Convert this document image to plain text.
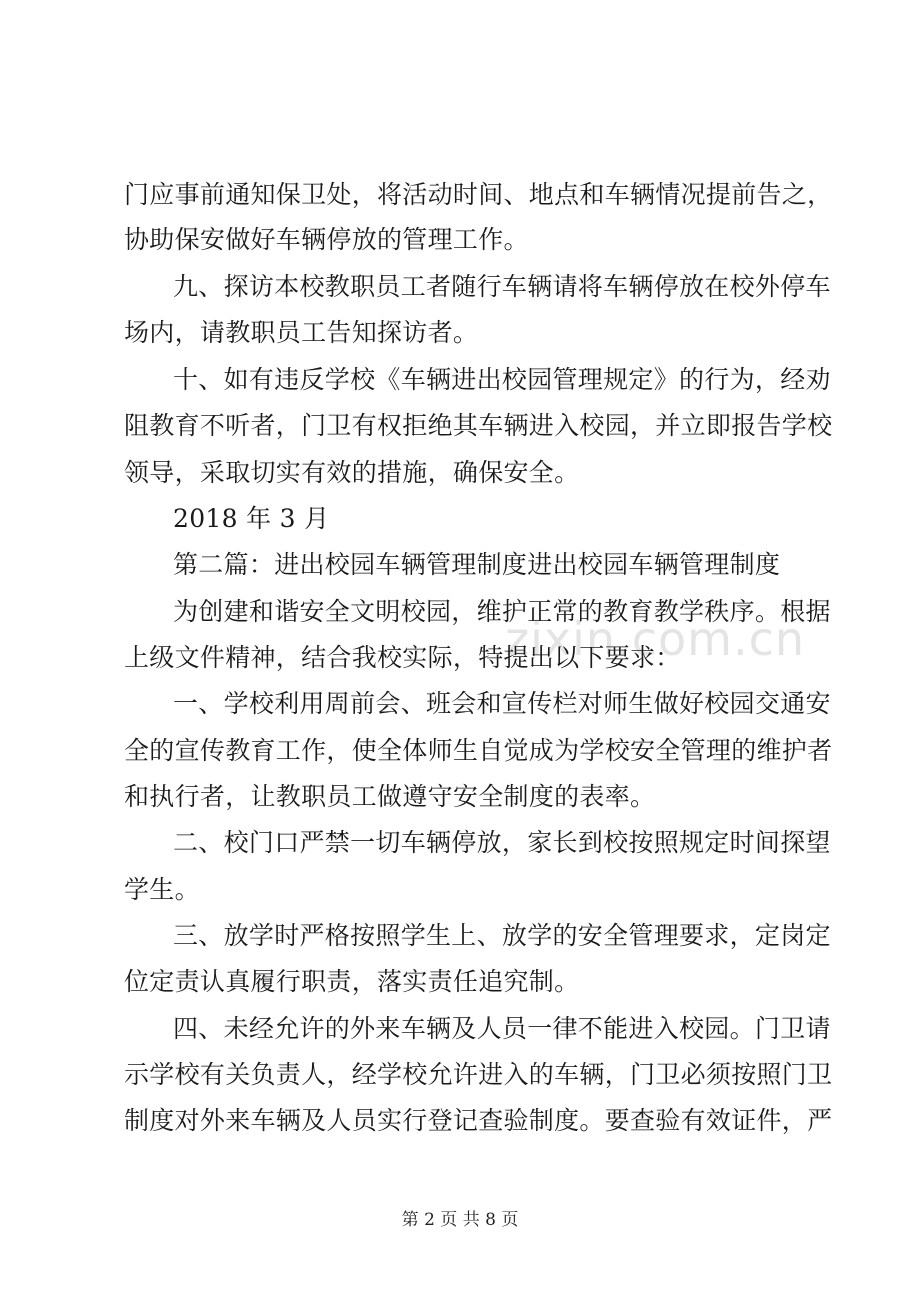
zixin.com.cn
门应事前通知保卫处，将活动时间、地点和车辆情况提前告之，
协助保安做好车辆停放的管理工作。
九、探访本校教职员工者随行车辆请将车辆停放在校外停车
场内，请教职员工告知探访者。
十、如有违反学校《车辆进出校园管理规定》的行为，经劝
阻教育不听者，门卫有权拒绝其车辆进入校园，并立即报告学校
领导，采取切实有效的措施，确保安全。
2018 年 3 月
第二篇：进出校园车辆管理制度进出校园车辆管理制度
为创建和谐安全文明校园，维护正常的教育教学秩序。根据
上级文件精神，结合我校实际，特提出以下要求：
一、学校利用周前会、班会和宣传栏对师生做好校园交通安
全的宣传教育工作，使全体师生自觉成为学校安全管理的维护者
和执行者，让教职员工做遵守安全制度的表率。
二、校门口严禁一切车辆停放，家长到校按照规定时间探望
学生。
三、放学时严格按照学生上、放学的安全管理要求，定岗定
位定责认真履行职责，落实责任追究制。
四、未经允许的外来车辆及人员一律不能进入校园。门卫请
示学校有关负责人，经学校允许进入的车辆，门卫必须按照门卫
制度对外来车辆及人员实行登记查验制度。要查验有效证件，严
第 2 页 共 8 页
